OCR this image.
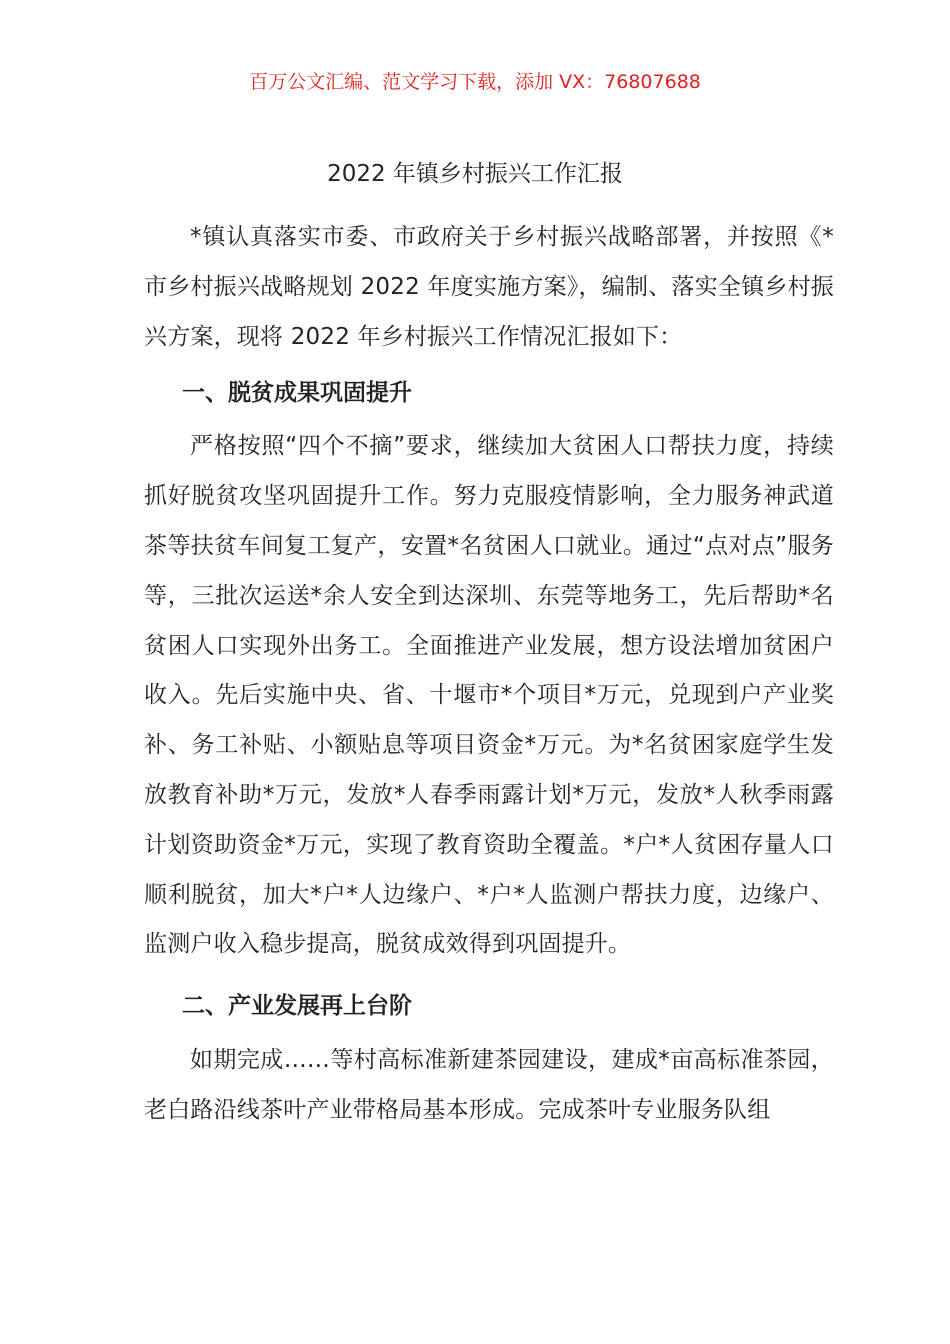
百万公文汇编、范文学习下载，添加 VX：76807688
2022 年镇乡村振兴工作汇报

*镇认真落实市委、市政府关于乡村振兴战略部署，并按照《*市乡村振兴战略规划 2022 年度实施方案》，编制、落实全镇乡村振兴方案，现将 2022 年乡村振兴工作情况汇报如下：

一、脱贫成果巩固提升

严格按照“四个不摘”要求，继续加大贫困人口帮扶力度，持续抓好脱贫攻坚巩固提升工作。努力克服疫情影响，全力服务神武道茶等扶贫车间复工复产，安置*名贫困人口就业。通过“点对点”服务等，三批次运送*余人安全到达深圳、东莞等地务工，先后帮助*名贫困人口实现外出务工。全面推进产业发展，想方设法增加贫困户收入。先后实施中央、省、十堰市*个项目*万元，兑现到户产业奖补、务工补贴、小额贴息等项目资金*万元。为*名贫困家庭学生发放教育补助*万元，发放*人春季雨露计划*万元，发放*人秋季雨露计划资助资金*万元，实现了教育资助全覆盖。*户*人贫困存量人口顺利脱贫，加大*户*人边缘户、*户*人监测户帮扶力度，边缘户、监测户收入稳步提高，脱贫成效得到巩固提升。

二、产业发展再上台阶

如期完成……等村高标准新建茶园建设，建成*亩高标准茶园，老白路沿线茶叶产业带格局基本形成。完成茶叶专业服务队组
